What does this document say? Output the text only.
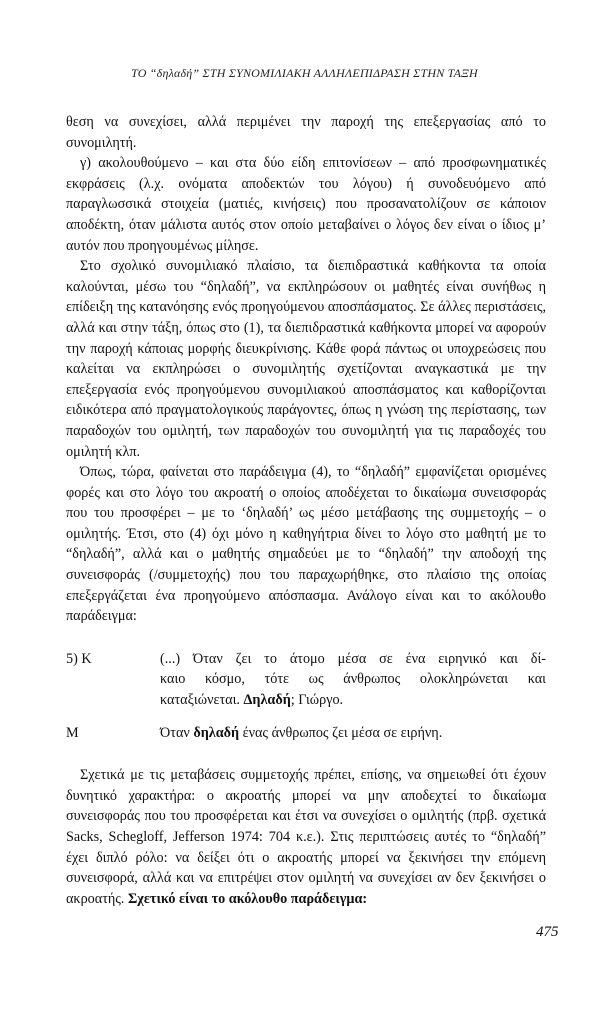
ΤΟ “δηλαδή” ΣΤΗ ΣΥΝΟΜΙΛΙΑΚΗ ΑΛΛΗΛΕΠΙΔΡΑΣΗ ΣΤΗΝ ΤΑΞΗ

θεση να συνεχίσει, αλλά περιμένει την παροχή της επεξεργασίας από το συνομιλητή.

γ) ακολουθούμενο – και στα δύο είδη επιτονίσεων – από προσφωνηματικές εκφράσεις (λ.χ. ονόματα αποδεκτών του λόγου) ή συνοδευόμενο από παραγλωσσικά στοιχεία (ματιές, κινήσεις) που προσανατολίζουν σε κάποιον αποδέκτη, όταν μάλιστα αυτός στον οποίο μεταβαίνει ο λόγος δεν είναι ο ίδιος μ’ αυτόν που προηγουμένως μίλησε.

Στο σχολικό συνομιλιακό πλαίσιο, τα διεπιδραστικά καθήκοντα τα οποία καλούνται, μέσω του “δηλαδή”, να εκπληρώσουν οι μαθητές είναι συνήθως η επίδειξη της κατανόησης ενός προηγούμενου αποσπάσματος. Σε άλλες περιστάσεις, αλλά και στην τάξη, όπως στο (1), τα διεπιδραστικά καθήκοντα μπορεί να αφορούν την παροχή κάποιας μορφής διευκρίνισης. Κάθε φορά πάντως οι υποχρεώσεις που καλείται να εκπληρώσει ο συνομιλητής σχετίζονται αναγκαστικά με την επεξεργασία ενός προηγούμενου συνομιλιακού αποσπάσματος και καθορίζονται ειδικότερα από πραγματολογικούς παράγοντες, όπως η γνώση της περίστασης, των παραδοχών του ομιλητή, των παραδοχών του συνομιλητή για τις παραδοχές του ομιλητή κλπ.

Όπως, τώρα, φαίνεται στο παράδειγμα (4), το “δηλαδή” εμφανίζεται ορισμένες φορές και στο λόγο του ακροατή ο οποίος αποδέχεται το δικαίωμα συνεισφοράς που του προσφέρει – με το ‘δηλαδή’ ως μέσο μετάβασης της συμμετοχής – ο ομιλητής. Έτσι, στο (4) όχι μόνο η καθηγήτρια δίνει το λόγο στο μαθητή με το “δηλαδή”, αλλά και ο μαθητής σημαδεύει με το “δηλαδή” την αποδοχή της συνεισφοράς (/συμμετοχής) που του παραχωρήθηκε, στο πλαίσιο της οποίας επεξεργάζεται ένα προηγούμενο απόσπασμα. Ανάλογο είναι και το ακόλουθο παράδειγμα:

5) Κ	(...) Όταν ζει το άτομο μέσα σε ένα ειρηνικό και δί-
καιο κόσμο, τότε ως άνθρωπος ολοκληρώνεται και
καταξιώνεται. Δηλαδή; Γιώργο.
Μ	Όταν δηλαδή ένας άνθρωπος ζει μέσα σε ειρήνη.

Σχετικά με τις μεταβάσεις συμμετοχής πρέπει, επίσης, να σημειωθεί ότι έχουν δυνητικό χαρακτήρα: ο ακροατής μπορεί να μην αποδεχτεί το δικαίωμα συνεισφοράς που του προσφέρεται και έτσι να συνεχίσει ο ομιλητής (πρβ. σχετικά Sacks, Schegloff, Jefferson 1974: 704 κ.ε.). Στις περιπτώσεις αυτές το “δηλαδή” έχει διπλό ρόλο: να δείξει ότι ο ακροατής μπορεί να ξεκινήσει την επόμενη συνεισφορά, αλλά και να επιτρέψει στον ομιλητή να συνεχίσει αν δεν ξεκινήσει ο ακροατής. Σχετικό είναι το ακόλουθο παράδειγμα:

475
